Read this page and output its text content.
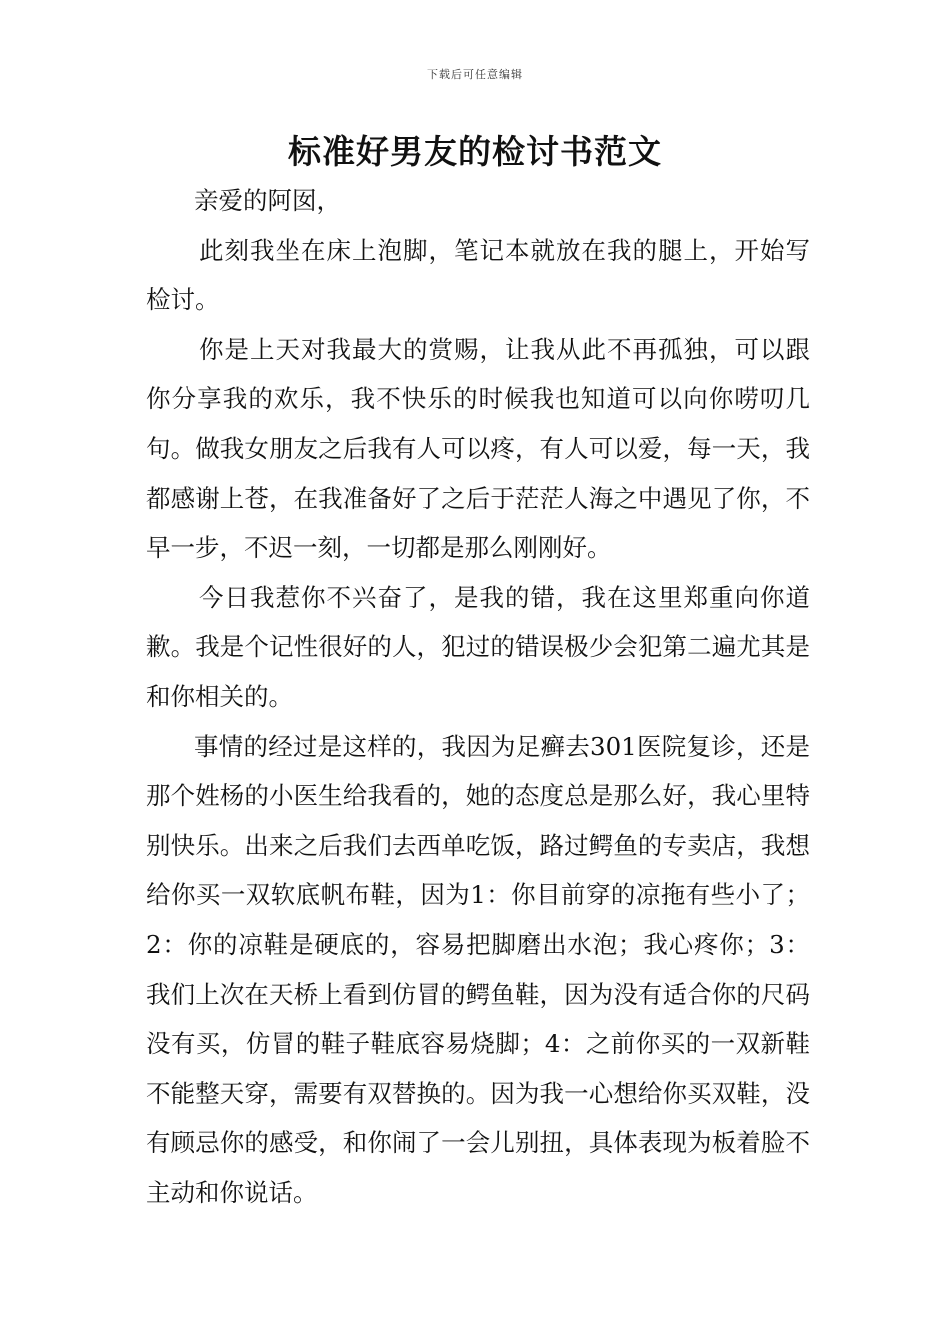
下载后可任意编辑
标准好男友的检讨书范文

亲爱的阿囡，

此刻我坐在床上泡脚，笔记本就放在我的腿上，开始写检讨。

你是上天对我最大的赏赐，让我从此不再孤独，可以跟你分享我的欢乐，我不快乐的时候我也知道可以向你唠叨几句。做我女朋友之后我有人可以疼，有人可以爱，每一天，我都感谢上苍，在我准备好了之后于茫茫人海之中遇见了你，不早一步，不迟一刻，一切都是那么刚刚好。

今日我惹你不兴奋了，是我的错，我在这里郑重向你道歉。我是个记性很好的人，犯过的错误极少会犯第二遍尤其是和你相关的。

事情的经过是这样的，我因为足癣去301医院复诊，还是那个姓杨的小医生给我看的，她的态度总是那么好，我心里特别快乐。出来之后我们去西单吃饭，路过鳄鱼的专卖店，我想给你买一双软底帆布鞋，因为1：你目前穿的凉拖有些小了；2：你的凉鞋是硬底的，容易把脚磨出水泡；我心疼你；3：我们上次在天桥上看到仿冒的鳄鱼鞋，因为没有适合你的尺码没有买，仿冒的鞋子鞋底容易烧脚；4：之前你买的一双新鞋不能整天穿，需要有双替换的。因为我一心想给你买双鞋，没有顾忌你的感受，和你闹了一会儿别扭，具体表现为板着脸不主动和你说话。
